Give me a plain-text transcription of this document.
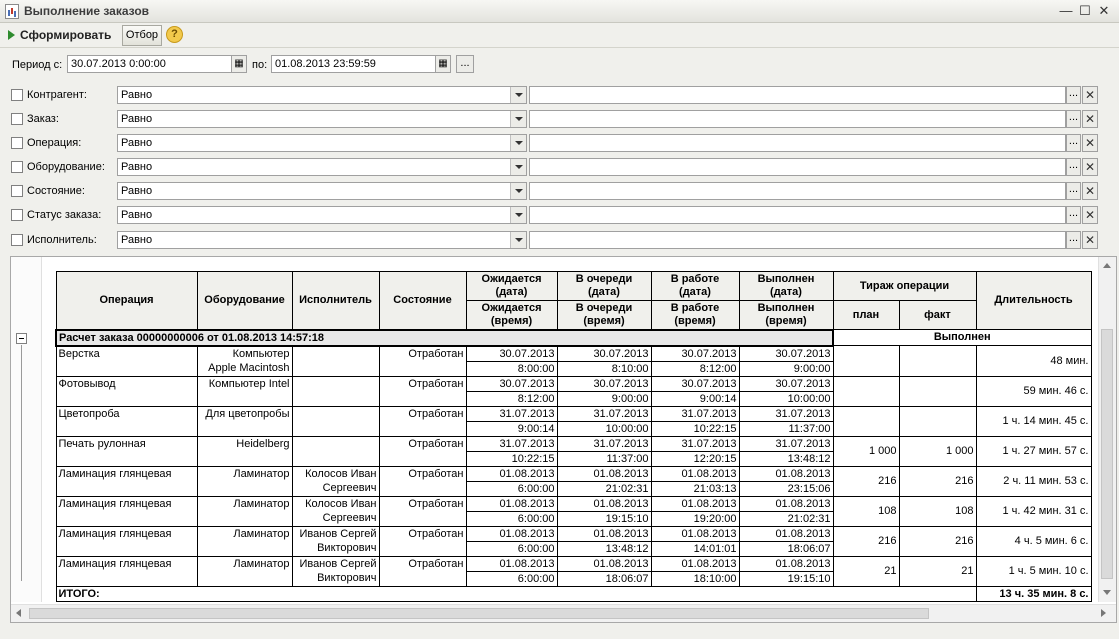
Выполнение заказов	— ☐ ✕
Сформировать	Отбор	?
Период с: 30.07.2013 0:00:00	▦ по: 01.08.2013 23:59:59	▦	...
Контрагент:	Равно	... ✕
Заказ:	Равно	... ✕
Операция:	Равно	... ✕
Оборудование:	Равно	... ✕
Состояние:	Равно	... ✕
Статус заказа:	Равно	... ✕
Исполнитель:	Равно	... ✕
Операция	Оборудование	Исполнитель	Состояние	Ожидается (дата)	В очереди (дата)	В работе (дата)	Выполнен (дата)	Тираж операции		Длительность
				Ожидается (время)	В очереди (время)	В работе (время)	Выполнен (время)	план	факт	
Расчет заказа 00000000006 от 01.08.2013 14:57:18								Выполнен		
Верстка	Компьютер
Apple Macintosh		Отработан	30.07.2013	30.07.2013	30.07.2013	30.07.2013			48 мин.
				8:00:00	8:10:00	8:12:00	9:00:00			
Фотовывод	Компьютер Intel		Отработан	30.07.2013	30.07.2013	30.07.2013	30.07.2013			59 мин. 46 с.
				8:12:00	9:00:00	9:00:14	10:00:00			
Цветопроба	Для цветопробы		Отработан	31.07.2013	31.07.2013	31.07.2013	31.07.2013			1 ч. 14 мин. 45 с.
				9:00:14	10:00:00	10:22:15	11:37:00			
Печать рулонная	Heidelberg		Отработан	31.07.2013	31.07.2013	31.07.2013	31.07.2013	1 000	1 000	1 ч. 27 мин. 57 с.
				10:22:15	11:37:00	12:20:15	13:48:12			
Ламинация глянцевая	Ламинатор	Колосов Иван
Сергеевич	Отработан	01.08.2013	01.08.2013	01.08.2013	01.08.2013	216	216	2 ч. 11 мин. 53 с.
				6:00:00	21:02:31	21:03:13	23:15:06			
Ламинация глянцевая	Ламинатор	Колосов Иван
Сергеевич	Отработан	01.08.2013	01.08.2013	01.08.2013	01.08.2013	108	108	1 ч. 42 мин. 31 с.
				6:00:00	19:15:10	19:20:00	21:02:31			
Ламинация глянцевая	Ламинатор	Иванов Сергей
Викторович	Отработан	01.08.2013	01.08.2013	01.08.2013	01.08.2013	216	216	4 ч. 5 мин. 6 с.
				6:00:00	13:48:12	14:01:01	18:06:07			
Ламинация глянцевая	Ламинатор	Иванов Сергей
Викторович	Отработан	01.08.2013	01.08.2013	01.08.2013	01.08.2013	21	21	1 ч. 5 мин. 10 с.
				6:00:00	18:06:07	18:10:00	19:15:10			
ИТОГО:										13 ч. 35 мин. 8 с.
